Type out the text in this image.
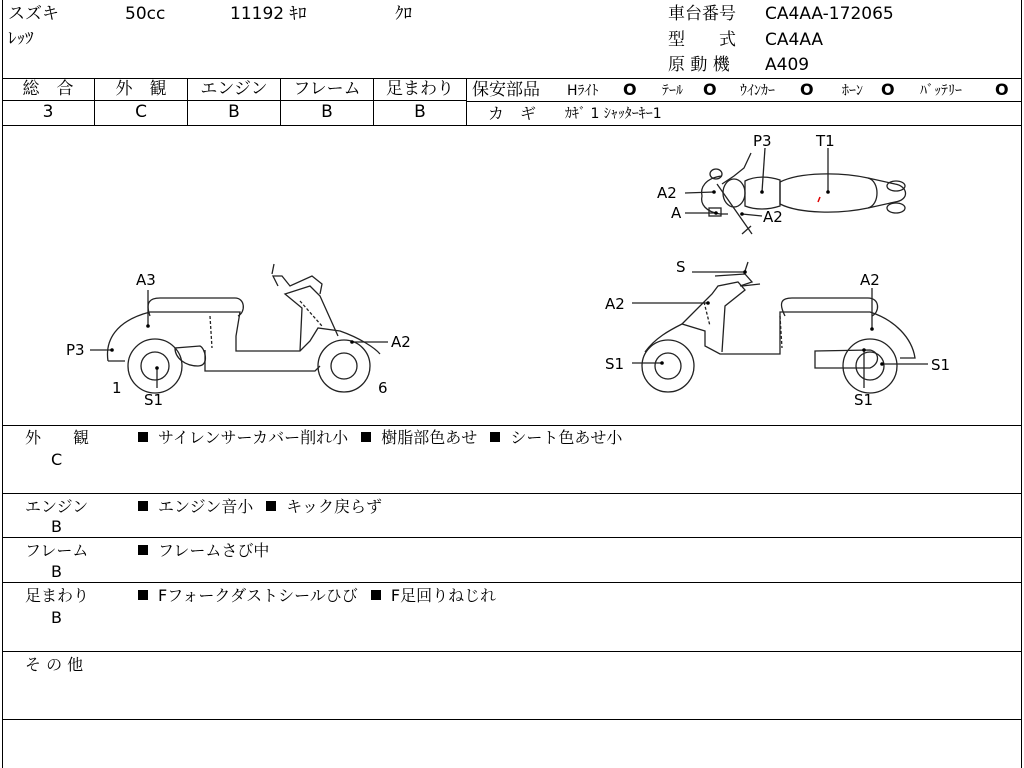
スズキ	50cc	11192 ｷﾛ	ｸﾛ
ﾚｯﾂ
車台番号 CA4AA-172065
型　　式 CA4AA
原 動 機 A409
総　合	外　観	エンジン	フレーム	足まわり
3	C	B	B	B
保安部品 Hﾗｲﾄ O ﾃｰﾙ O ｳｲﾝｶｰ O ﾎｰﾝ O ﾊﾞｯﾃﾘｰ O
カ　ギ ｶｷﾞ 1 ｼｬｯﾀｰｷｰ1
P3	T1
A2
A	A2
A3
P3	A2
1
S1
6
S
A2
A2
S1	S1
S1
外　　観
C
サイレンサーカバー削れ小 樹脂部色あせ シート色あせ小
エンジン
B
エンジン音小 キック戻らず
フレーム
B
フレームさび中
足まわり
B
Fフォークダストシールひび F足回りねじれ
そ の 他
